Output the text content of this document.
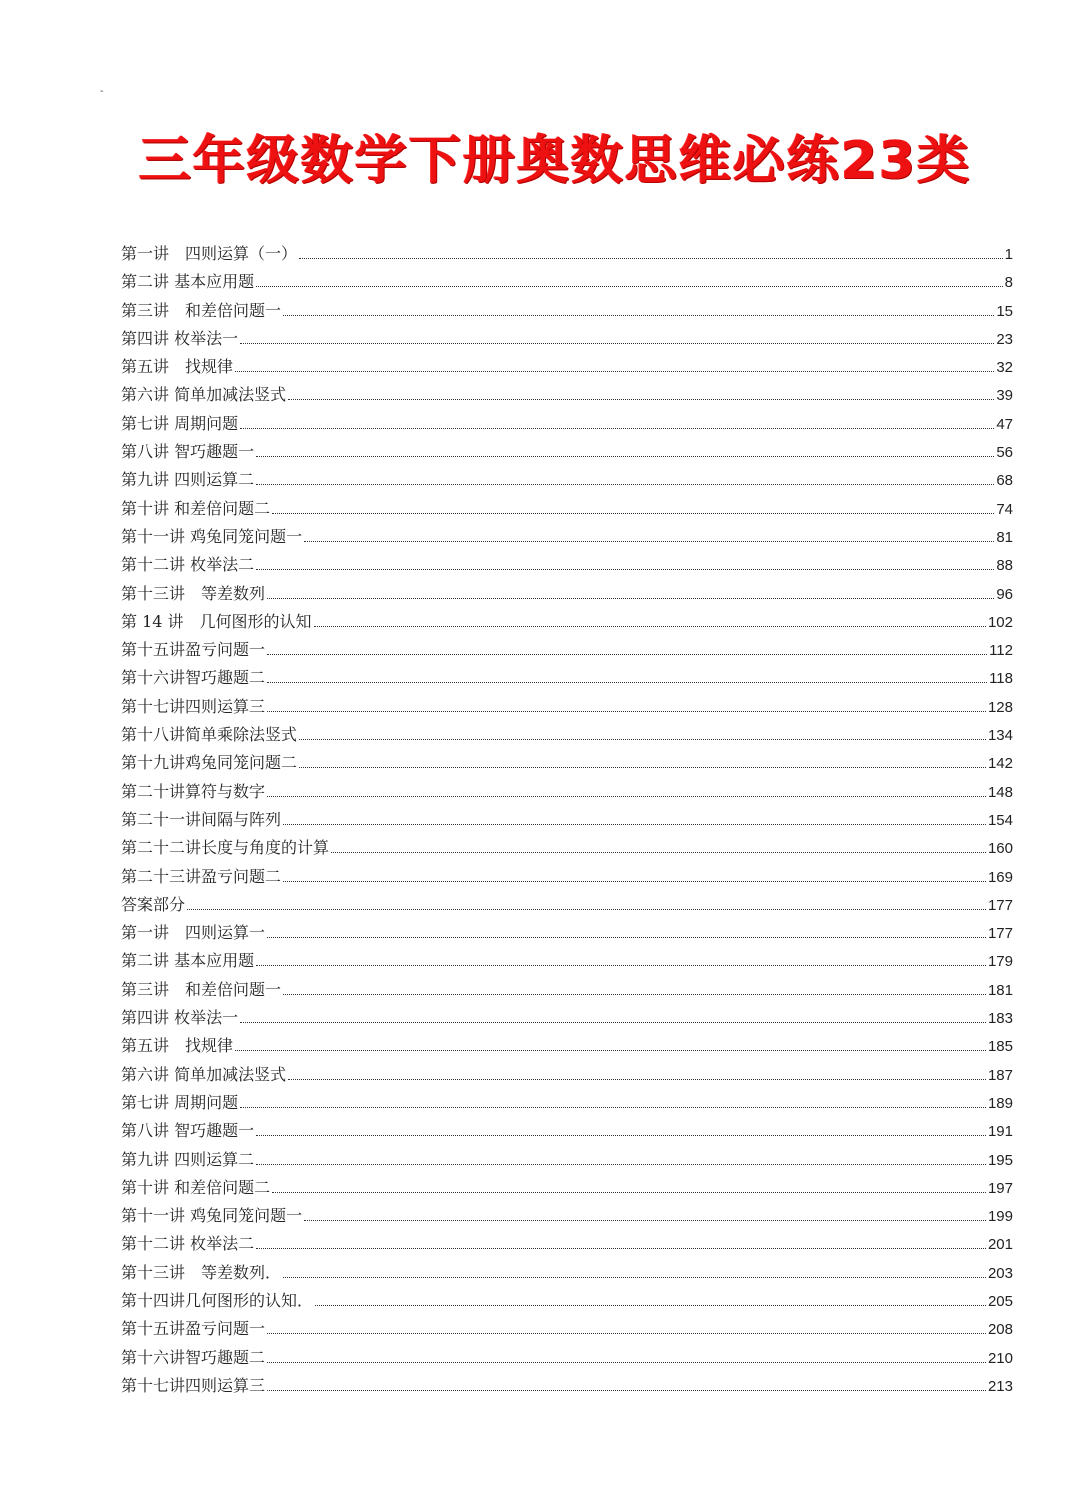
-
三年级数学下册奥数思维必练23类
第一讲　四则运算（一）	1
第二讲 基本应用题	8
第三讲　和差倍问题一	15
第四讲 枚举法一	23
第五讲　找规律	32
第六讲 简单加减法竖式	39
第七讲 周期问题	47
第八讲 智巧趣题一	56
第九讲 四则运算二	68
第十讲 和差倍问题二	74
第十一讲 鸡兔同笼问题一	81
第十二讲 枚举法二	88
第十三讲　等差数列	96
第 14 讲　几何图形的认知	102
第十五讲盈亏问题一	112
第十六讲智巧趣题二	118
第十七讲四则运算三	128
第十八讲简单乘除法竖式	134
第十九讲鸡兔同笼问题二	142
第二十讲算符与数字	148
第二十一讲间隔与阵列	154
第二十二讲长度与角度的计算	160
第二十三讲盈亏问题二	169
答案部分	177
第一讲　四则运算一	177
第二讲 基本应用题	179
第三讲　和差倍问题一	181
第四讲 枚举法一	183
第五讲　找规律	185
第六讲 简单加减法竖式	187
第七讲 周期问题	189
第八讲 智巧趣题一	191
第九讲 四则运算二	195
第十讲 和差倍问题二	197
第十一讲 鸡兔同笼问题一	199
第十二讲 枚举法二	201
第十三讲　等差数列．	203
第十四讲几何图形的认知．	205
第十五讲盈亏问题一	208
第十六讲智巧趣题二	210
第十七讲四则运算三	213
